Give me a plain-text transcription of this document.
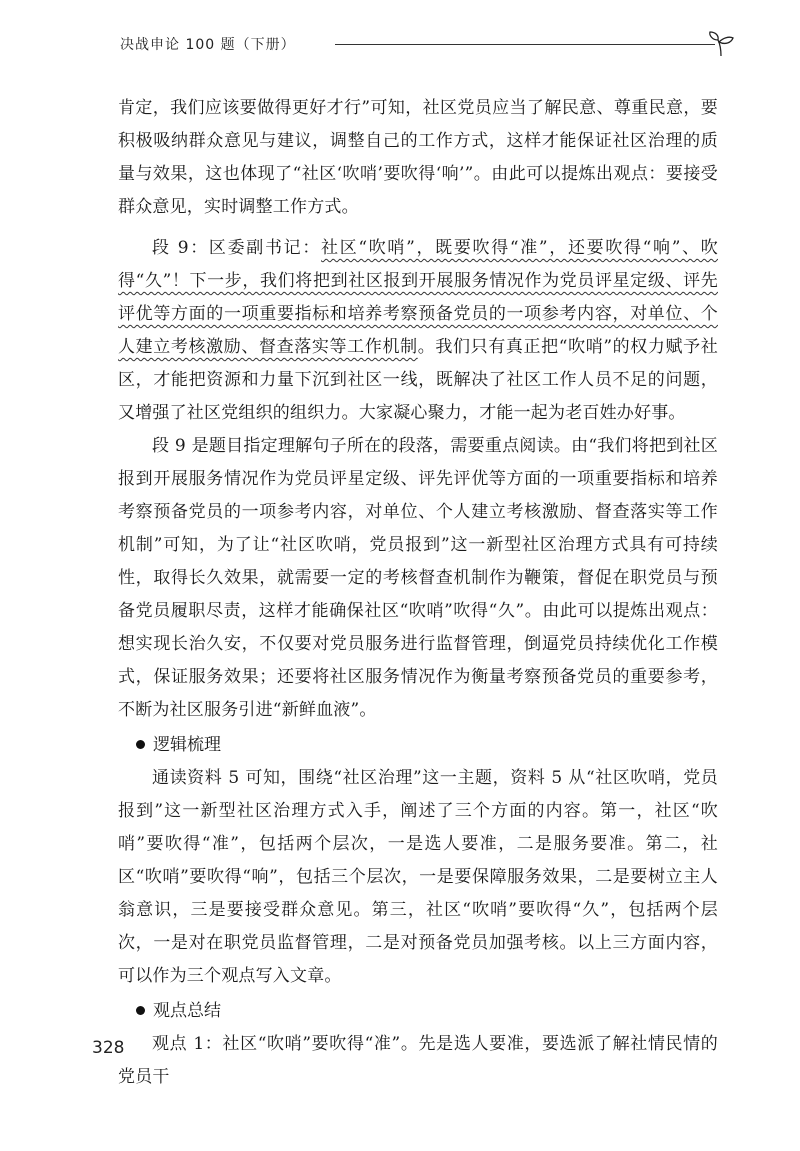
决战申论 100 题（下册）

肯定，我们应该要做得更好才行”可知，社区党员应当了解民意、尊重民意，要积极吸纳群众意见与建议，调整自己的工作方式，这样才能保证社区治理的质量与效果，这也体现了“社区‘吹哨’要吹得‘响’”。由此可以提炼出观点：要接受群众意见，实时调整工作方式。

段 9：区委副书记：社区“吹哨”，既要吹得“准”，还要吹得“响”、吹得“久”！下一步，我们将把到社区报到开展服务情况作为党员评星定级、评先评优等方面的一项重要指标和培养考察预备党员的一项参考内容，对单位、个人建立考核激励、督查落实等工作机制。我们只有真正把“吹哨”的权力赋予社区，才能把资源和力量下沉到社区一线，既解决了社区工作人员不足的问题，又增强了社区党组织的组织力。大家凝心聚力，才能一起为老百姓办好事。

段 9 是题目指定理解句子所在的段落，需要重点阅读。由“我们将把到社区报到开展服务情况作为党员评星定级、评先评优等方面的一项重要指标和培养考察预备党员的一项参考内容，对单位、个人建立考核激励、督查落实等工作机制”可知，为了让“社区吹哨，党员报到”这一新型社区治理方式具有可持续性，取得长久效果，就需要一定的考核督查机制作为鞭策，督促在职党员与预备党员履职尽责，这样才能确保社区“吹哨”吹得“久”。由此可以提炼出观点：想实现长治久安，不仅要对党员服务进行监督管理，倒逼党员持续优化工作模式，保证服务效果；还要将社区服务情况作为衡量考察预备党员的重要参考，不断为社区服务引进“新鲜血液”。

逻辑梳理

通读资料 5 可知，围绕“社区治理”这一主题，资料 5 从“社区吹哨，党员报到”这一新型社区治理方式入手，阐述了三个方面的内容。第一，社区“吹哨”要吹得“准”，包括两个层次，一是选人要准，二是服务要准。第二，社区“吹哨”要吹得“响”，包括三个层次，一是要保障服务效果，二是要树立主人翁意识，三是要接受群众意见。第三，社区“吹哨”要吹得“久”，包括两个层次，一是对在职党员监督管理，二是对预备党员加强考核。以上三方面内容，可以作为三个观点写入文章。

观点总结

观点 1：社区“吹哨”要吹得“准”。先是选人要准，要选派了解社情民情的党员干

328
